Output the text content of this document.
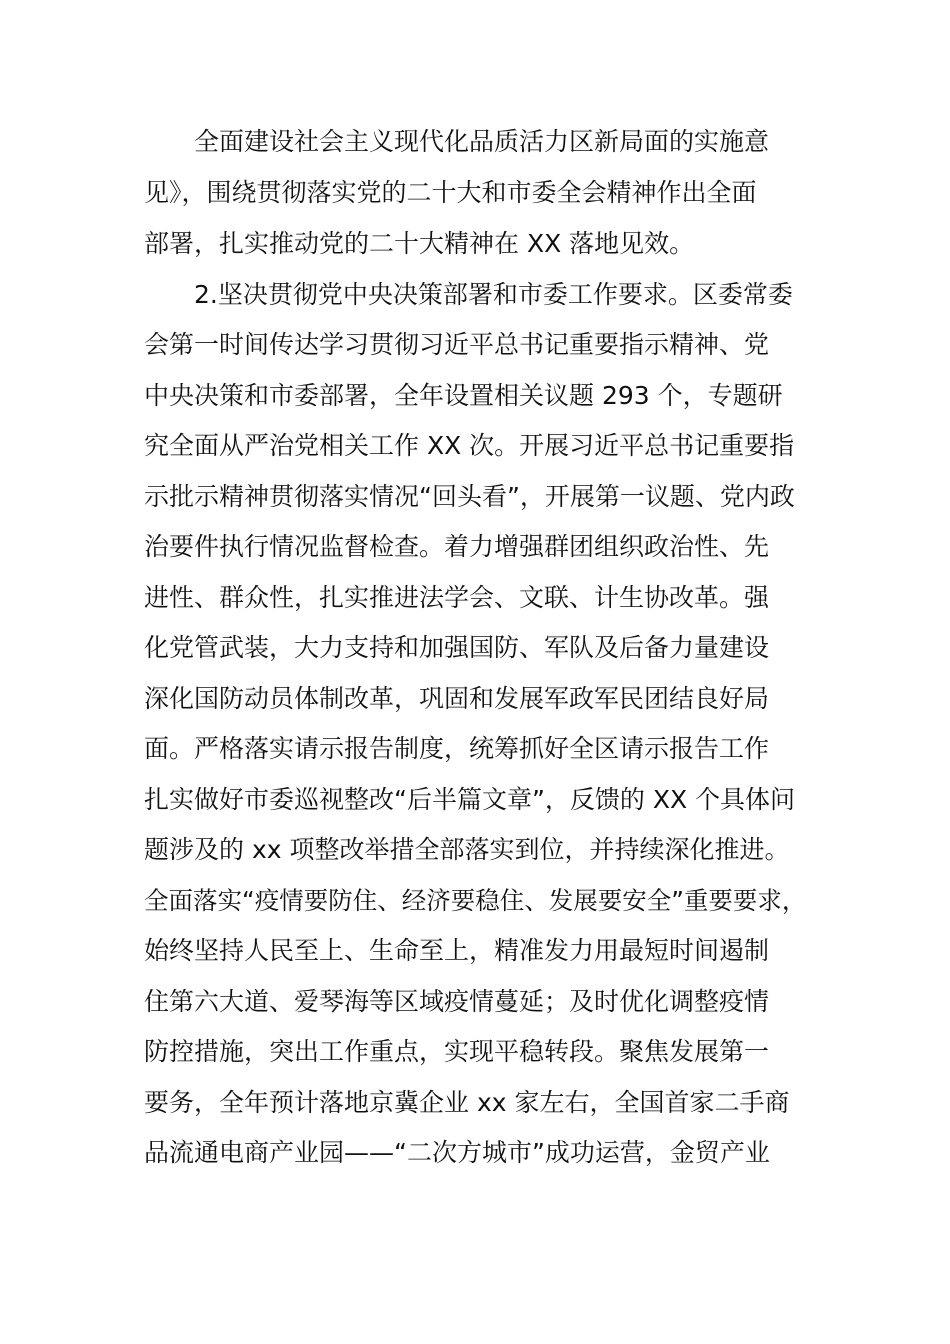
全面建设社会主义现代化品质活力区新局面的实施意
见》，围绕贯彻落实党的二十大和市委全会精神作出全面
部署，扎实推动党的二十大精神在 XX 落地见效。
2.坚决贯彻党中央决策部署和市委工作要求。区委常委
会第一时间传达学习贯彻习近平总书记重要指示精神、党
中央决策和市委部署，全年设置相关议题 293 个，专题研
究全面从严治党相关工作 XX 次。开展习近平总书记重要指
示批示精神贯彻落实情况“回头看”，开展第一议题、党内政
治要件执行情况监督检查。着力增强群团组织政治性、先
进性、群众性，扎实推进法学会、文联、计生协改革。强
化党管武装，大力支持和加强国防、军队及后备力量建设
深化国防动员体制改革，巩固和发展军政军民团结良好局
面。严格落实请示报告制度，统筹抓好全区请示报告工作
扎实做好市委巡视整改“后半篇文章”，反馈的 XX 个具体问
题涉及的 xx 项整改举措全部落实到位，并持续深化推进。
全面落实“疫情要防住、经济要稳住、发展要安全”重要要求，
始终坚持人民至上、生命至上，精准发力用最短时间遏制
住第六大道、爱琴海等区域疫情蔓延；及时优化调整疫情
防控措施，突出工作重点，实现平稳转段。聚焦发展第一
要务，全年预计落地京冀企业 xx 家左右，全国首家二手商
品流通电商产业园——“二次方城市”成功运营，金贸产业
